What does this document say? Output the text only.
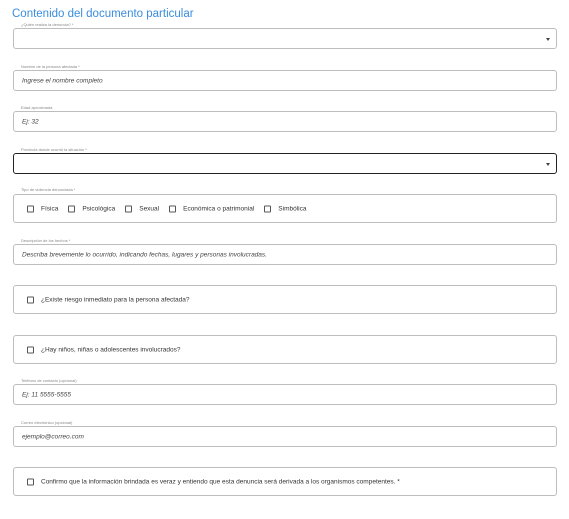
Contenido del documento particular
¿Quién realiza la denuncia? *
Nombre de la persona afectada *
Ingrese el nombre completo
Edad aproximada
Ej: 32
Provincia donde ocurrió la situación *
Tipo de violencia denunciada *
Física	Psicológica	Sexual	Económica o patrimonial	Simbólica
Descripción de los hechos *
Describa brevemente lo ocurrido, indicando fechas, lugares y personas involucradas.
¿Existe riesgo inmediato para la persona afectada?
¿Hay niños, niñas o adolescentes involucrados?
Teléfono de contacto (opcional)
Ej: 11 5555-5555
Correo electrónico (opcional)
ejemplo@correo.com
Confirmo que la información brindada es veraz y entiendo que esta denuncia será derivada a los organismos competentes. *
